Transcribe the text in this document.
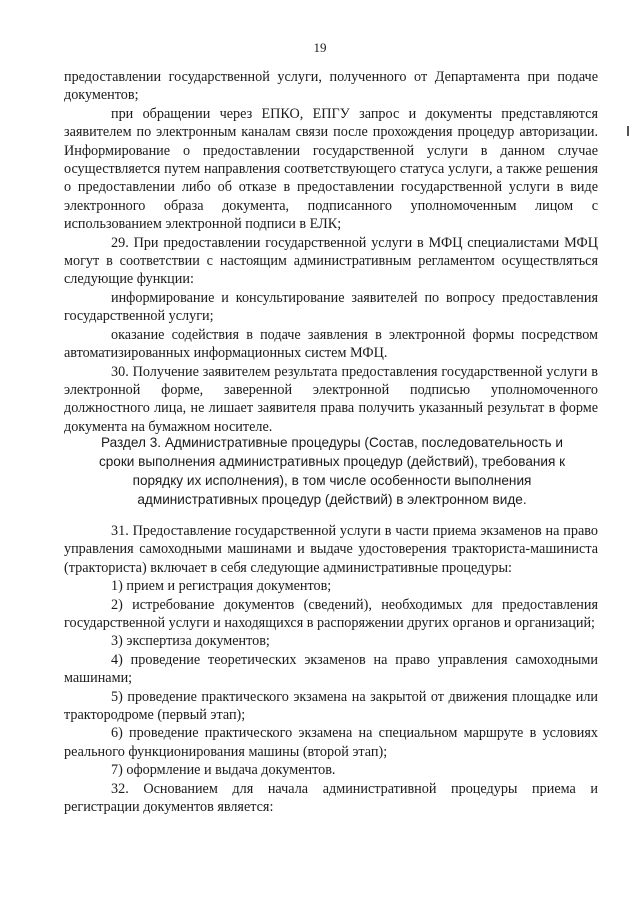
19

предоставлении государственной услуги, полученного от Департамента при подаче документов;

при обращении через ЕПКО, ЕПГУ запрос и документы представляются заявителем по электронным каналам связи после прохождения процедур авторизации. Информирование о предоставлении государственной услуги в данном случае осуществляется путем направления соответствующего статуса услуги, а также решения о предоставлении либо об отказе в предоставлении государственной услуги в виде электронного образа документа, подписанного уполномоченным лицом с использованием электронной подписи в ЕЛК;

29. При предоставлении государственной услуги в МФЦ специалистами МФЦ могут в соответствии с настоящим административным регламентом осуществляться следующие функции:

информирование и консультирование заявителей по вопросу предоставления государственной услуги;

оказание содействия в подаче заявления в электронной формы посредством автоматизированных информационных систем МФЦ.

30. Получение заявителем результата предоставления государственной услуги в электронной форме, заверенной электронной подписью уполномоченного должностного лица, не лишает заявителя права получить указанный результат в форме документа на бумажном носителе.

Раздел 3. Административные процедуры (Состав, последовательность и сроки выполнения административных процедур (действий), требования к порядку их исполнения), в том числе особенности выполнения административных процедур (действий) в электронном виде.

31. Предоставление государственной услуги в части приема экзаменов на право управления самоходными машинами и выдаче удостоверения тракториста-машиниста (тракториста) включает в себя следующие административные процедуры:

1) прием и регистрация документов;

2) истребование документов (сведений), необходимых для предоставления государственной услуги и находящихся в распоряжении других органов и организаций;

3) экспертиза документов;

4) проведение теоретических экзаменов на право управления самоходными машинами;

5) проведение практического экзамена на закрытой от движения площадке или трактородроме (первый этап);

6) проведение практического экзамена на специальном маршруте в условиях реального функционирования машины (второй этап);

7) оформление и выдача документов.

32. Основанием для начала административной процедуры приема и регистрации документов является:
